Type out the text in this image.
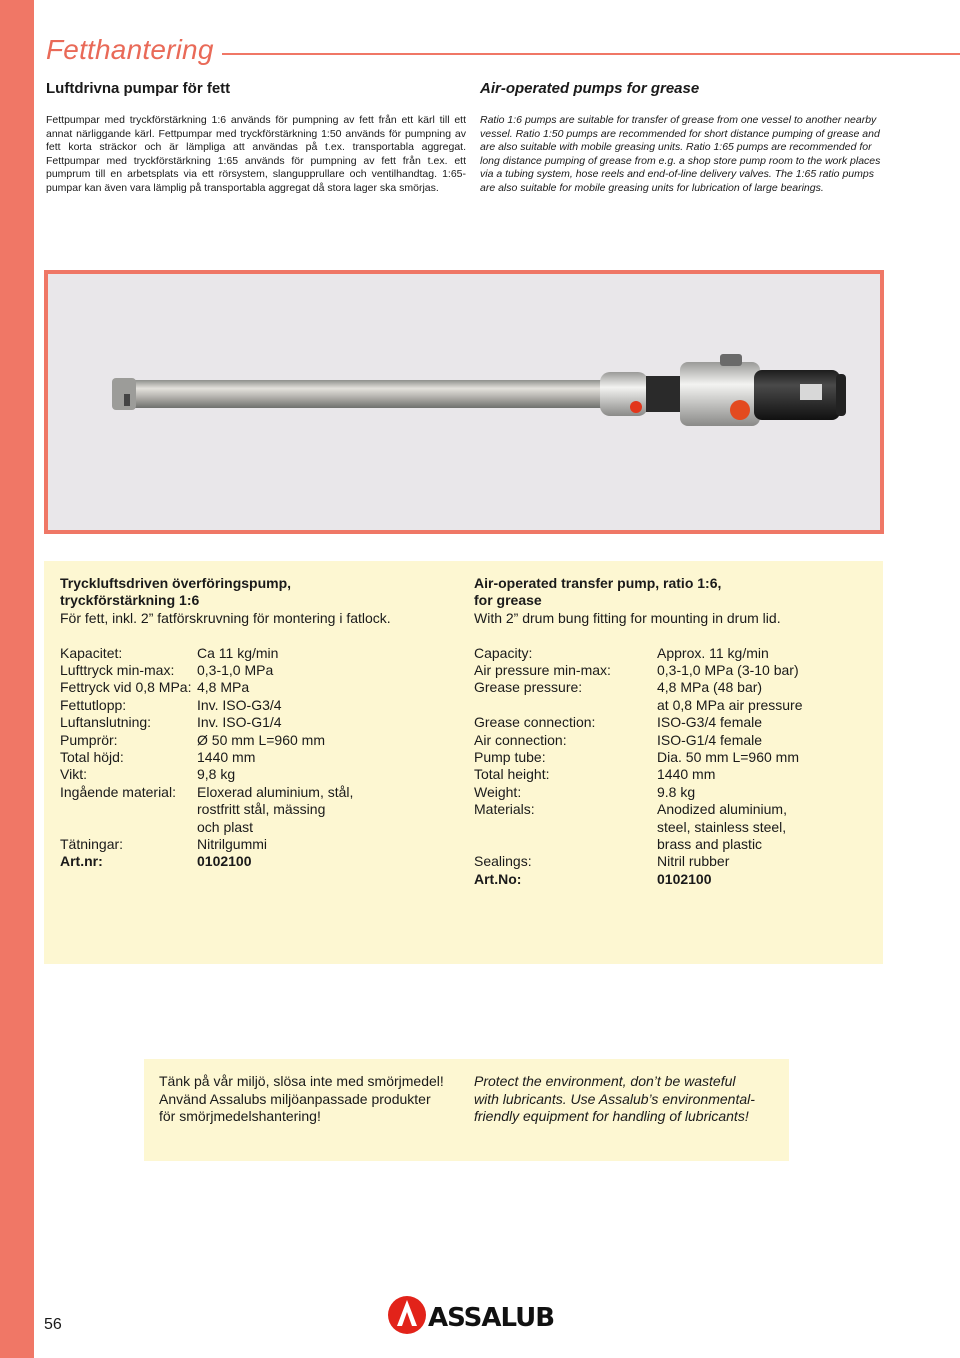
Fetthantering
Luftdrivna pumpar för fett	Air-operated pumps for grease
Fettpumpar med tryckförstärkning 1:6 används för pumpning av fett från ett kärl till ett annat närliggande kärl. Fettpumpar med tryckförstärkning 1:50 används för pumpning av fett korta sträckor och är lämpliga att användas på t.ex. transportabla aggregat. Fettpumpar med tryckförstärkning 1:65 används för pumpning av fett från t.ex. ett pumprum till en arbetsplats via ett rörsystem, slangupprullare och ventilhandtag. 1:65-pumpar kan även vara lämplig på transportabla aggregat då stora lager ska smörjas.
Ratio 1:6 pumps are suitable for transfer of grease from one vessel to another nearby vessel. Ratio 1:50 pumps are recommended for short distance pumping of grease and are also suitable with mobile greasing units. Ratio 1:65 pumps are recommended for long distance pumping of grease from e.g. a shop store pump room to the work places via a tubing system, hose reels and end-of-line delivery valves. The 1:65 ratio pumps are also suitable for mobile greasing units for lubrication of large bearings.
Tryckluftsdriven överföringspump,
tryckförstärkning 1:6
För fett, inkl. 2” fatförskruvning för montering i fatlock.
Kapacitet:	Ca 11 kg/min
Lufttryck min-max: 0,3-1,0 MPa
Fettryck vid 0,8 MPa: 4,8 MPa
Fettutlopp:	Inv. ISO-G3/4
Luftanslutning:	Inv. ISO-G1/4
Pumprör:	Ø 50 mm L=960 mm
Total höjd:	1440 mm
Vikt:	9,8 kg
Ingående material: Eloxerad aluminium, stål,
rostfritt stål, mässing
och plast
Tätningar:	Nitrilgummi
Art.nr:	0102100
Air-operated transfer pump, ratio 1:6,
for grease
With 2” drum bung fitting for mounting in drum lid.
Capacity:	Approx. 11 kg/min
Air pressure min-max:	0,3-1,0 MPa (3-10 bar)
Grease pressure:	4,8 MPa (48 bar)
at 0,8 MPa air pressure
Grease connection:	ISO-G3/4 female
Air connection:	ISO-G1/4 female
Pump tube:	Dia. 50 mm L=960 mm
Total height:	1440 mm
Weight:	9.8 kg
Materials:	Anodized aluminium,
steel, stainless steel,
brass and plastic
Sealings:	Nitril rubber
Art.No:	0102100
Tänk på vår miljö, slösa inte med smörjmedel! Använd Assalubs miljöanpassade produkter för smörjmedelshantering!
Protect the environment, don’t be wasteful with lubricants. Use Assalub’s environmental-friendly equipment for handling of lubricants!
56	ASSALUB
